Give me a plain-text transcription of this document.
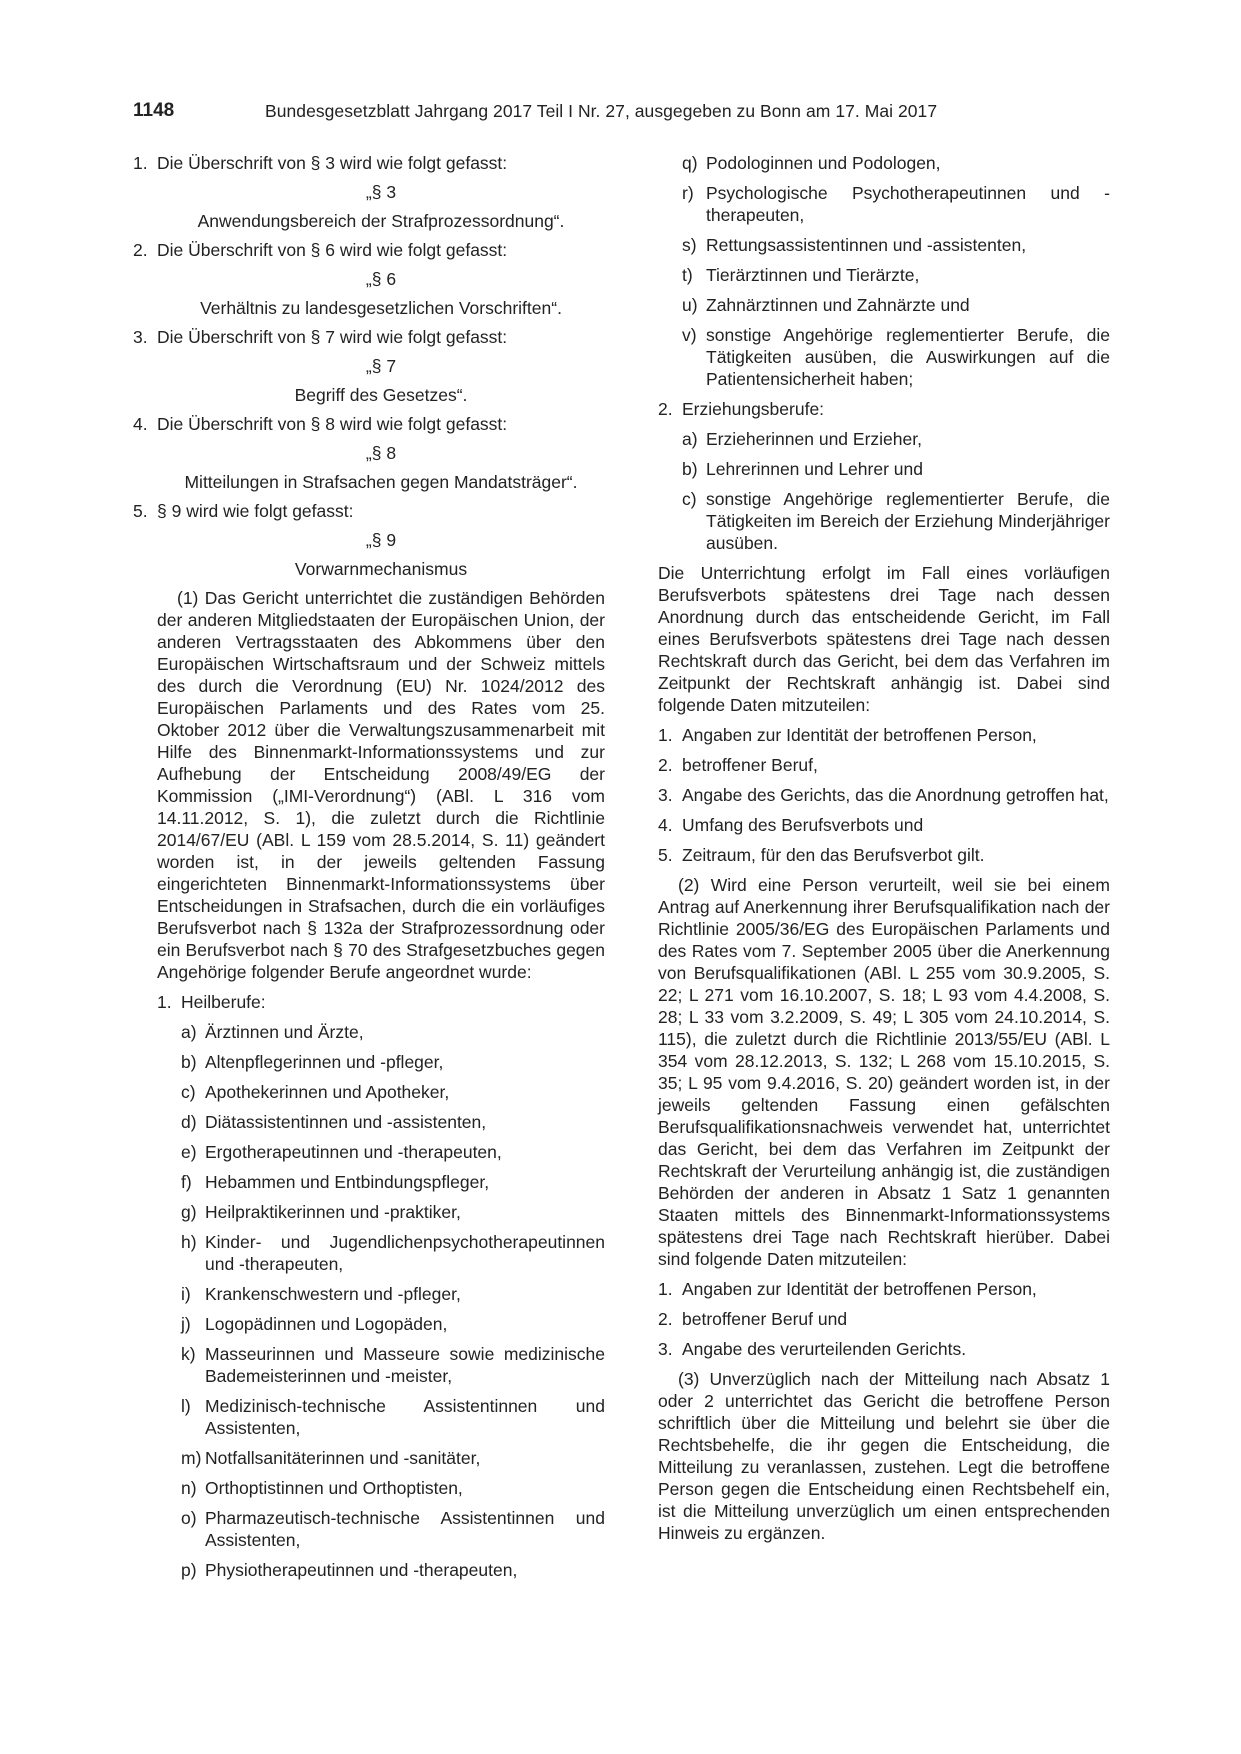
1148	Bundesgesetzblatt Jahrgang 2017 Teil I Nr. 27, ausgegeben zu Bonn am 17. Mai 2017
1. Die Überschrift von § 3 wird wie folgt gefasst:
„§ 3
Anwendungsbereich der Strafprozessordnung“.
2. Die Überschrift von § 6 wird wie folgt gefasst:
„§ 6
Verhältnis zu landesgesetzlichen Vorschriften“.
3. Die Überschrift von § 7 wird wie folgt gefasst:
„§ 7
Begriff des Gesetzes“.
4. Die Überschrift von § 8 wird wie folgt gefasst:
„§ 8
Mitteilungen in Strafsachen gegen Mandatsträger“.
5. § 9 wird wie folgt gefasst:
„§ 9
Vorwarnmechanismus
(1) Das Gericht unterrichtet die zuständigen Behörden der anderen Mitgliedstaaten der Europäischen Union, der anderen Vertragsstaaten des Abkommens über den Europäischen Wirtschaftsraum und der Schweiz mittels des durch die Verordnung (EU) Nr. 1024/2012 des Europäischen Parlaments und des Rates vom 25. Oktober 2012 über die Verwaltungszusammenarbeit mit Hilfe des Binnenmarkt-Informationssystems und zur Aufhebung der Entscheidung 2008/49/EG der Kommission („IMI-Verordnung“) (ABl. L 316 vom 14.11.2012, S. 1), die zuletzt durch die Richtlinie 2014/67/EU (ABl. L 159 vom 28.5.2014, S. 11) geändert worden ist, in der jeweils geltenden Fassung eingerichteten Binnenmarkt-Informationssystems über Entscheidungen in Strafsachen, durch die ein vorläufiges Berufsverbot nach § 132a der Strafprozessordnung oder ein Berufsverbot nach § 70 des Strafgesetzbuches gegen Angehörige folgender Berufe angeordnet wurde:
1. Heilberufe:
a) Ärztinnen und Ärzte,
b) Altenpflegerinnen und -pfleger,
c) Apothekerinnen und Apotheker,
d) Diätassistentinnen und -assistenten,
e) Ergotherapeutinnen und -therapeuten,
f) Hebammen und Entbindungspfleger,
g) Heilpraktikerinnen und -praktiker,
h) Kinder- und Jugendlichenpsychotherapeutinnen und -therapeuten,
i) Krankenschwestern und -pfleger,
j) Logopädinnen und Logopäden,
k) Masseurinnen und Masseure sowie medizinische Bademeisterinnen und -meister,
l) Medizinisch-technische Assistentinnen und Assistenten,
m) Notfallsanitäterinnen und -sanitäter,
n) Orthoptistinnen und Orthoptisten,
o) Pharmazeutisch-technische Assistentinnen und Assistenten,
p) Physiotherapeutinnen und -therapeuten,
q) Podologinnen und Podologen,
r) Psychologische Psychotherapeutinnen und -therapeuten,
s) Rettungsassistentinnen und -assistenten,
t) Tierärztinnen und Tierärzte,
u) Zahnärztinnen und Zahnärzte und
v) sonstige Angehörige reglementierter Berufe, die Tätigkeiten ausüben, die Auswirkungen auf die Patientensicherheit haben;
2. Erziehungsberufe:
a) Erzieherinnen und Erzieher,
b) Lehrerinnen und Lehrer und
c) sonstige Angehörige reglementierter Berufe, die Tätigkeiten im Bereich der Erziehung Minderjähriger ausüben.
Die Unterrichtung erfolgt im Fall eines vorläufigen Berufsverbots spätestens drei Tage nach dessen Anordnung durch das entscheidende Gericht, im Fall eines Berufsverbots spätestens drei Tage nach dessen Rechtskraft durch das Gericht, bei dem das Verfahren im Zeitpunkt der Rechtskraft anhängig ist. Dabei sind folgende Daten mitzuteilen:
1. Angaben zur Identität der betroffenen Person,
2. betroffener Beruf,
3. Angabe des Gerichts, das die Anordnung getroffen hat,
4. Umfang des Berufsverbots und
5. Zeitraum, für den das Berufsverbot gilt.
(2) Wird eine Person verurteilt, weil sie bei einem Antrag auf Anerkennung ihrer Berufsqualifikation nach der Richtlinie 2005/36/EG des Europäischen Parlaments und des Rates vom 7. September 2005 über die Anerkennung von Berufsqualifikationen (ABl. L 255 vom 30.9.2005, S. 22; L 271 vom 16.10.2007, S. 18; L 93 vom 4.4.2008, S. 28; L 33 vom 3.2.2009, S. 49; L 305 vom 24.10.2014, S. 115), die zuletzt durch die Richtlinie 2013/55/EU (ABl. L 354 vom 28.12.2013, S. 132; L 268 vom 15.10.2015, S. 35; L 95 vom 9.4.2016, S. 20) geändert worden ist, in der jeweils geltenden Fassung einen gefälschten Berufsqualifikationsnachweis verwendet hat, unterrichtet das Gericht, bei dem das Verfahren im Zeitpunkt der Rechtskraft der Verurteilung anhängig ist, die zuständigen Behörden der anderen in Absatz 1 Satz 1 genannten Staaten mittels des Binnenmarkt-Informationssystems spätestens drei Tage nach Rechtskraft hierüber. Dabei sind folgende Daten mitzuteilen:
1. Angaben zur Identität der betroffenen Person,
2. betroffener Beruf und
3. Angabe des verurteilenden Gerichts.
(3) Unverzüglich nach der Mitteilung nach Absatz 1 oder 2 unterrichtet das Gericht die betroffene Person schriftlich über die Mitteilung und belehrt sie über die Rechtsbehelfe, die ihr gegen die Entscheidung, die Mitteilung zu veranlassen, zustehen. Legt die betroffene Person gegen die Entscheidung einen Rechtsbehelf ein, ist die Mitteilung unverzüglich um einen entsprechenden Hinweis zu ergänzen.
